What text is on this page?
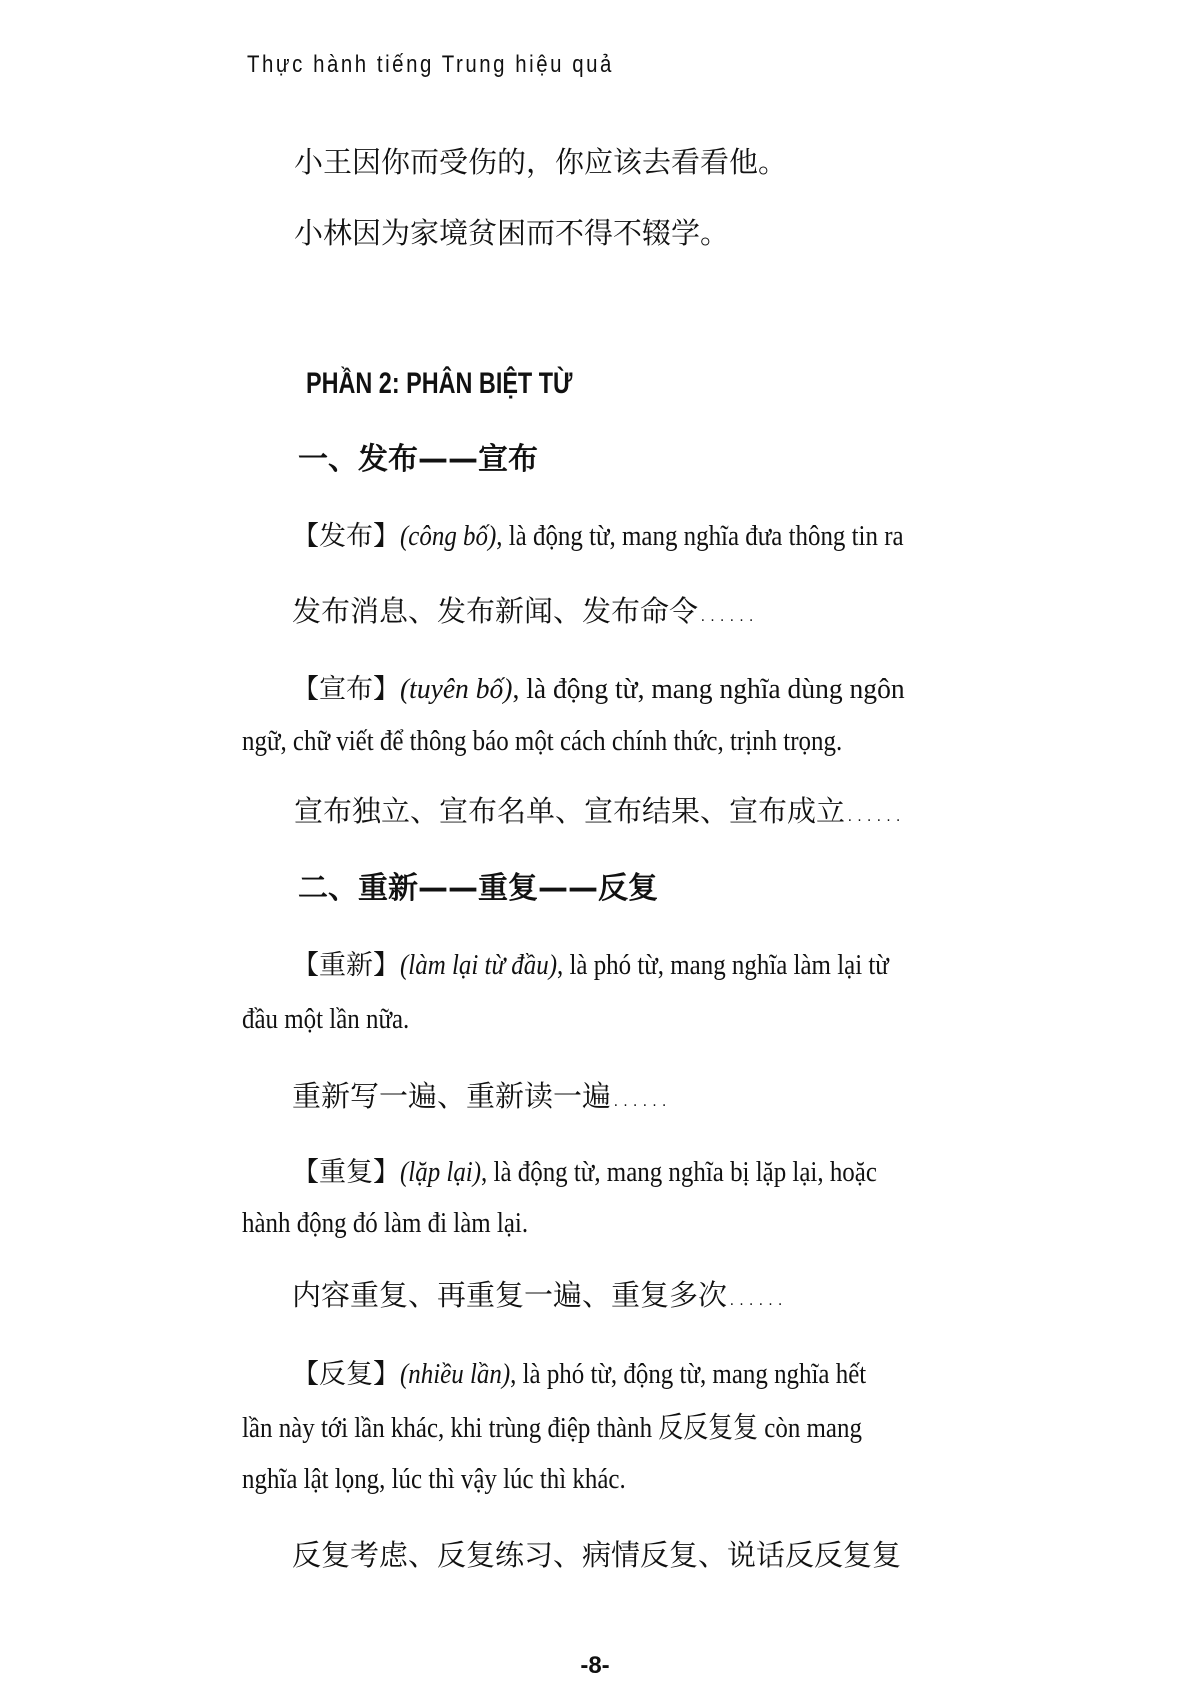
Thực hành tiếng Trung hiệu quả
小王因你而受伤的，你应该去看看他。
小林因为家境贫困而不得不辍学。
PHẦN 2: PHÂN BIỆT TỪ
一、发布——宣布
【发布】(công bố), là động từ, mang nghĩa đưa thông tin ra
发布消息、发布新闻、发布命令……
【宣布】(tuyên bố), là động từ, mang nghĩa dùng ngôn
ngữ, chữ viết để thông báo một cách chính thức, trịnh trọng.
宣布独立、宣布名单、宣布结果、宣布成立……
二、重新——重复——反复
【重新】(làm lại từ đầu), là phó từ, mang nghĩa làm lại từ
đầu một lần nữa.
重新写一遍、重新读一遍……
【重复】(lặp lại), là động từ, mang nghĩa bị lặp lại, hoặc
hành động đó làm đi làm lại.
内容重复、再重复一遍、重复多次……
【反复】(nhiều lần), là phó từ, động từ, mang nghĩa hết
lần này tới lần khác, khi trùng điệp thành 反反复复 còn mang
nghĩa lật lọng, lúc thì vậy lúc thì khác.
反复考虑、反复练习、病情反复、说话反反复复
-8-
